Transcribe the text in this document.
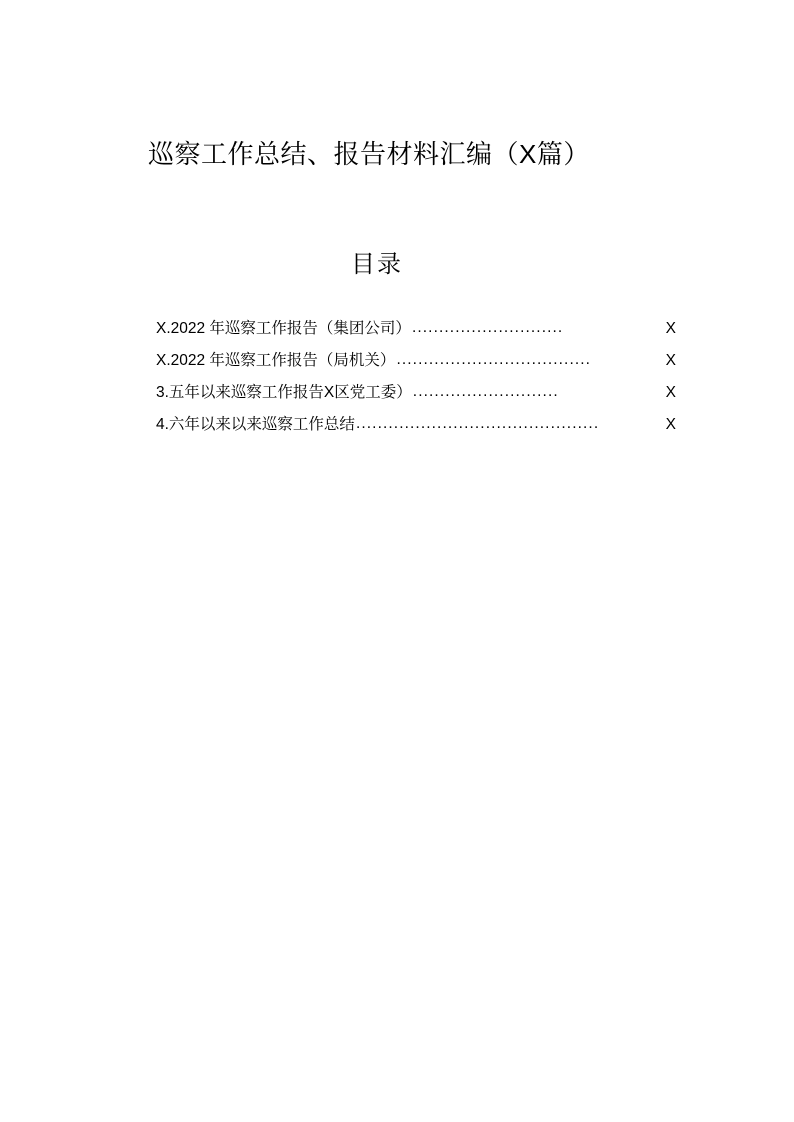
巡察工作总结、报告材料汇编（X篇）
目录
X.2022 年巡察工作报告（集团公司） ............................	X
X.2022 年巡察工作报告（局机关） ....................................	X
3.五年以来巡察工作报告X区党工委） ...........................	X
4.六年以来以来巡察工作总结 .............................................	X
